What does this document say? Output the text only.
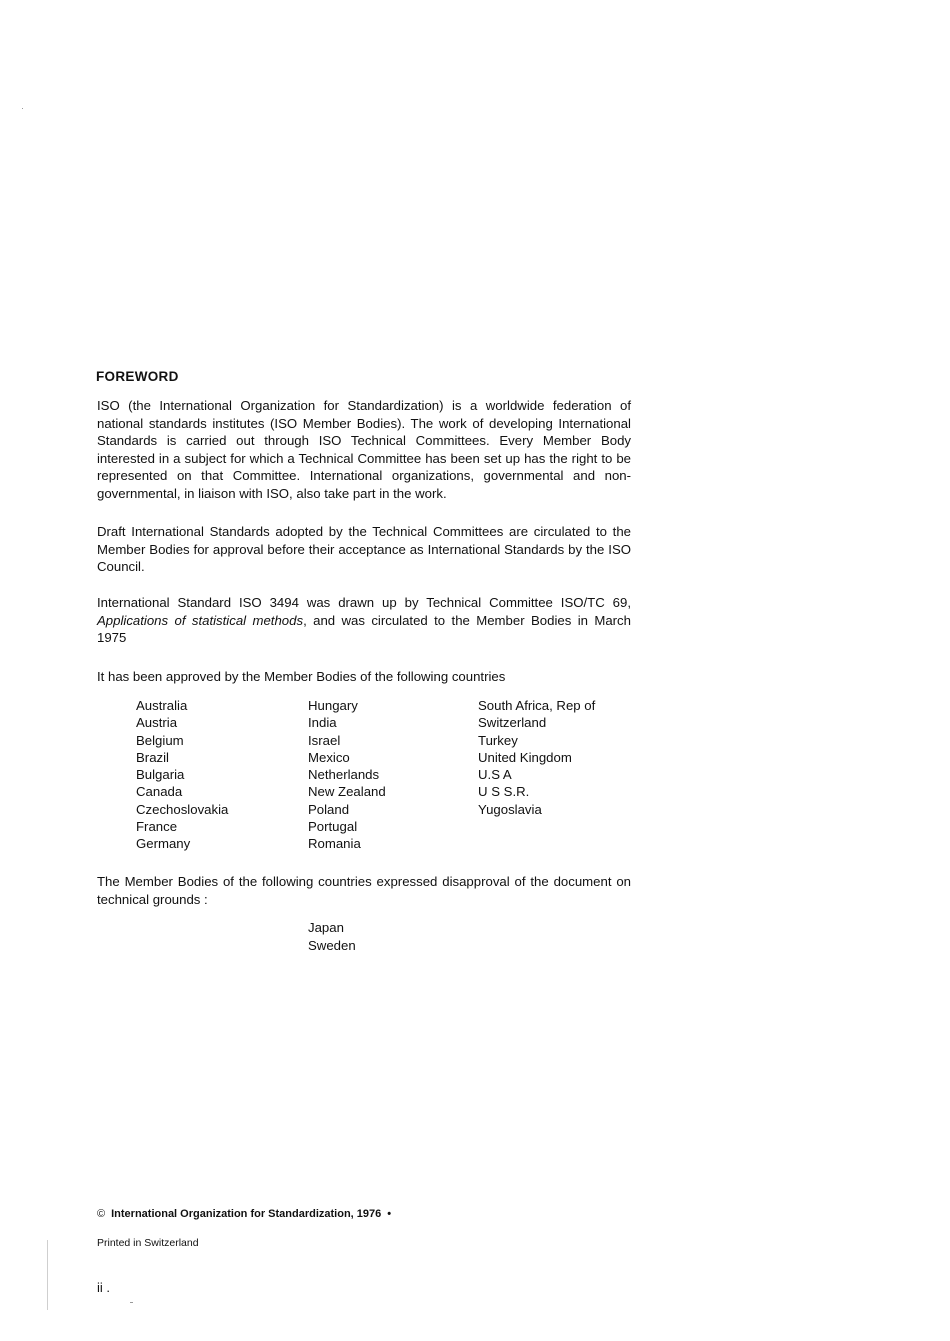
FOREWORD
ISO (the International Organization for Standardization) is a worldwide federation of national standards institutes (ISO Member Bodies). The work of developing International Standards is carried out through ISO Technical Committees. Every Member Body interested in a subject for which a Technical Committee has been set up has the right to be represented on that Committee. International organizations, governmental and non-governmental, in liaison with ISO, also take part in the work.
Draft International Standards adopted by the Technical Committees are circulated to the Member Bodies for approval before their acceptance as International Standards by the ISO Council.
International Standard ISO 3494 was drawn up by Technical Committee ISO/TC 69, Applications of statistical methods, and was circulated to the Member Bodies in March 1975
It has been approved by the Member Bodies of the following countries
Australia
Austria
Belgium
Brazil
Bulgaria
Canada
Czechoslovakia
France
Germany
Hungary
India
Israel
Mexico
Netherlands
New Zealand
Poland
Portugal
Romania
South Africa, Rep of
Switzerland
Turkey
United Kingdom
U.S A
U S S.R.
Yugoslavia
The Member Bodies of the following countries expressed disapproval of the document on technical grounds :
Japan
Sweden
© International Organization for Standardization, 1976 •
Printed in Switzerland
ii .
